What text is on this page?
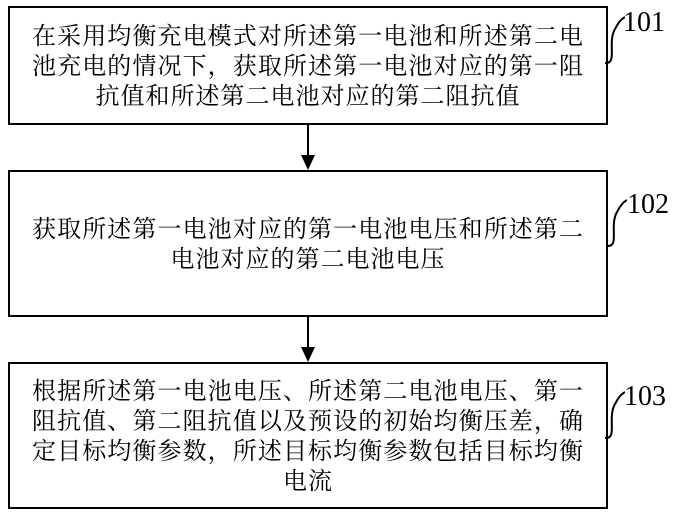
在采用均衡充电模式对所述第一电池和所述第二电
池充电的情况下，获取所述第一电池对应的第一阻
抗值和所述第二电池对应的第二阻抗值
获取所述第一电池对应的第一电池电压和所述第二
电池对应的第二电池电压
根据所述第一电池电压、所述第二电池电压、第一
阻抗值、第二阻抗值以及预设的初始均衡压差，确
定目标均衡参数，所述目标均衡参数包括目标均衡
电流
101
102
103
